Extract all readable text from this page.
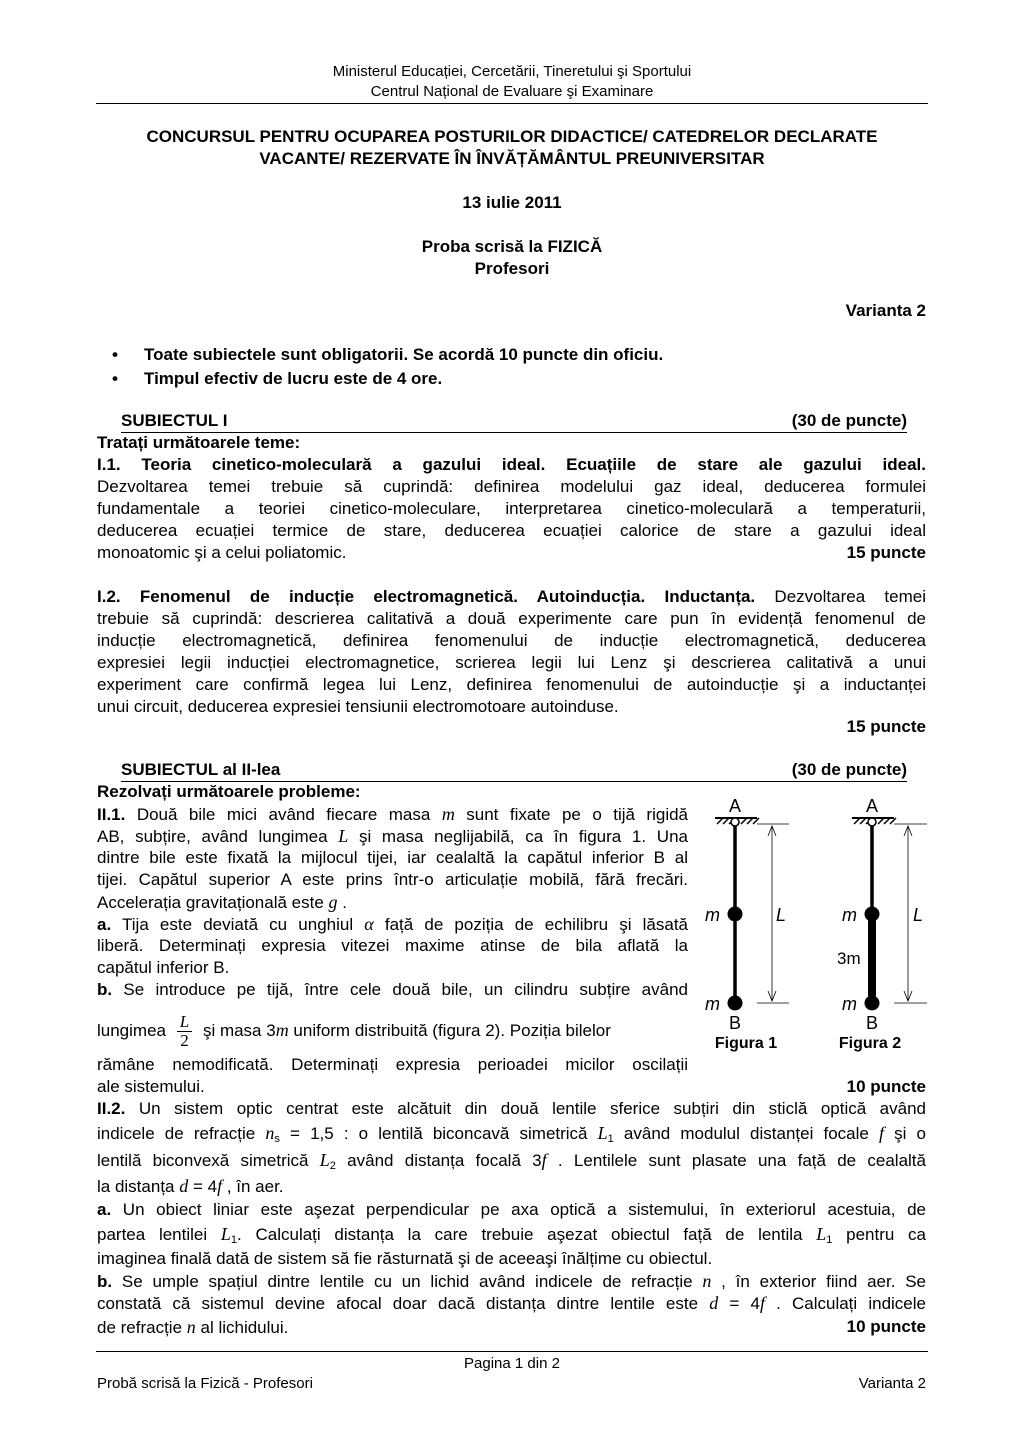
Ministerul Educației, Cercetării, Tineretului şi Sportului
Centrul Național de Evaluare şi Examinare
CONCURSUL PENTRU OCUPAREA POSTURILOR DIDACTICE/ CATEDRELOR DECLARATE
VACANTE/ REZERVATE ÎN ÎNVĂȚĂMÂNTUL PREUNIVERSITAR
13 iulie 2011
Proba scrisă la FIZICĂ
Profesori
Varianta 2
• Toate subiectele sunt obligatorii. Se acordă 10 puncte din oficiu.
• Timpul efectiv de lucru este de 4 ore.
SUBIECTUL I	(30 de puncte)
Tratați următoarele teme:
I.1. Teoria cinetico-moleculară a gazului ideal. Ecuațiile de stare ale gazului ideal.
Dezvoltarea temei trebuie să cuprindă: definirea modelului gaz ideal, deducerea formulei
fundamentale a teoriei cinetico-moleculare, interpretarea cinetico-moleculară a temperaturii,
deducerea ecuației termice de stare, deducerea ecuației calorice de stare a gazului ideal
monoatomic şi a celui poliatomic.	15 puncte
I.2. Fenomenul de inducție electromagnetică. Autoinducția. Inductanța. Dezvoltarea temei
trebuie să cuprindă: descrierea calitativă a două experimente care pun în evidență fenomenul de
inducție electromagnetică, definirea fenomenului de inducție electromagnetică, deducerea
expresiei legii inducției electromagnetice, scrierea legii lui Lenz şi descrierea calitativă a unui
experiment care confirmă legea lui Lenz, definirea fenomenului de autoinducție şi a inductanței
unui circuit, deducerea expresiei tensiunii electromotoare autoinduse.
15 puncte
SUBIECTUL al II-lea	(30 de puncte)
Rezolvați următoarele probleme:
II.1. Două bile mici având fiecare masa m sunt fixate pe o tijă rigidă
AB, subțire, având lungimea L şi masa neglijabilă, ca în figura 1. Una
dintre bile este fixată la mijlocul tijei, iar cealaltă la capătul inferior B al
tijei. Capătul superior A este prins într-o articulație mobilă, fără frecări.
Accelerația gravitațională este g .
a. Tija este deviată cu unghiul α față de poziția de echilibru şi lăsată
liberă. Determinați expresia vitezei maxime atinse de bila aflată la
capătul inferior B.
b. Se introduce pe tijă, între cele două bile, un cilindru subțire având
lungimea $\frac{L}{2}$ şi masa 3m uniform distribuită (figura 2). Poziția bilelor
rămâne nemodificată. Determinați expresia perioadei micilor oscilații
ale sistemului.	10 puncte
A
m	L
m
B
Figura 1
A
m	L
3m
m
B
Figura 2
II.2. Un sistem optic centrat este alcătuit din două lentile sferice subțiri din sticlă optică având
indicele de refracție ns = 1,5 : o lentilă biconcavă simetrică L1 având modulul distanței focale f şi o
lentilă biconvexă simetrică L2 având distanța focală 3f . Lentilele sunt plasate una față de cealaltă
la distanța d = 4f , în aer.
a. Un obiect liniar este aşezat perpendicular pe axa optică a sistemului, în exteriorul acestuia, de
partea lentilei L1. Calculați distanța la care trebuie aşezat obiectul față de lentila L1 pentru ca
imaginea finală dată de sistem să fie răsturnată şi de aceeaşi înălțime cu obiectul.
b. Se umple spațiul dintre lentile cu un lichid având indicele de refracție n , în exterior fiind aer. Se
constată că sistemul devine afocal doar dacă distanța dintre lentile este d = 4f . Calculați indicele
de refracție n al lichidului.	10 puncte
Pagina 1 din 2
Probă scrisă la Fizică - Profesori	Varianta 2
